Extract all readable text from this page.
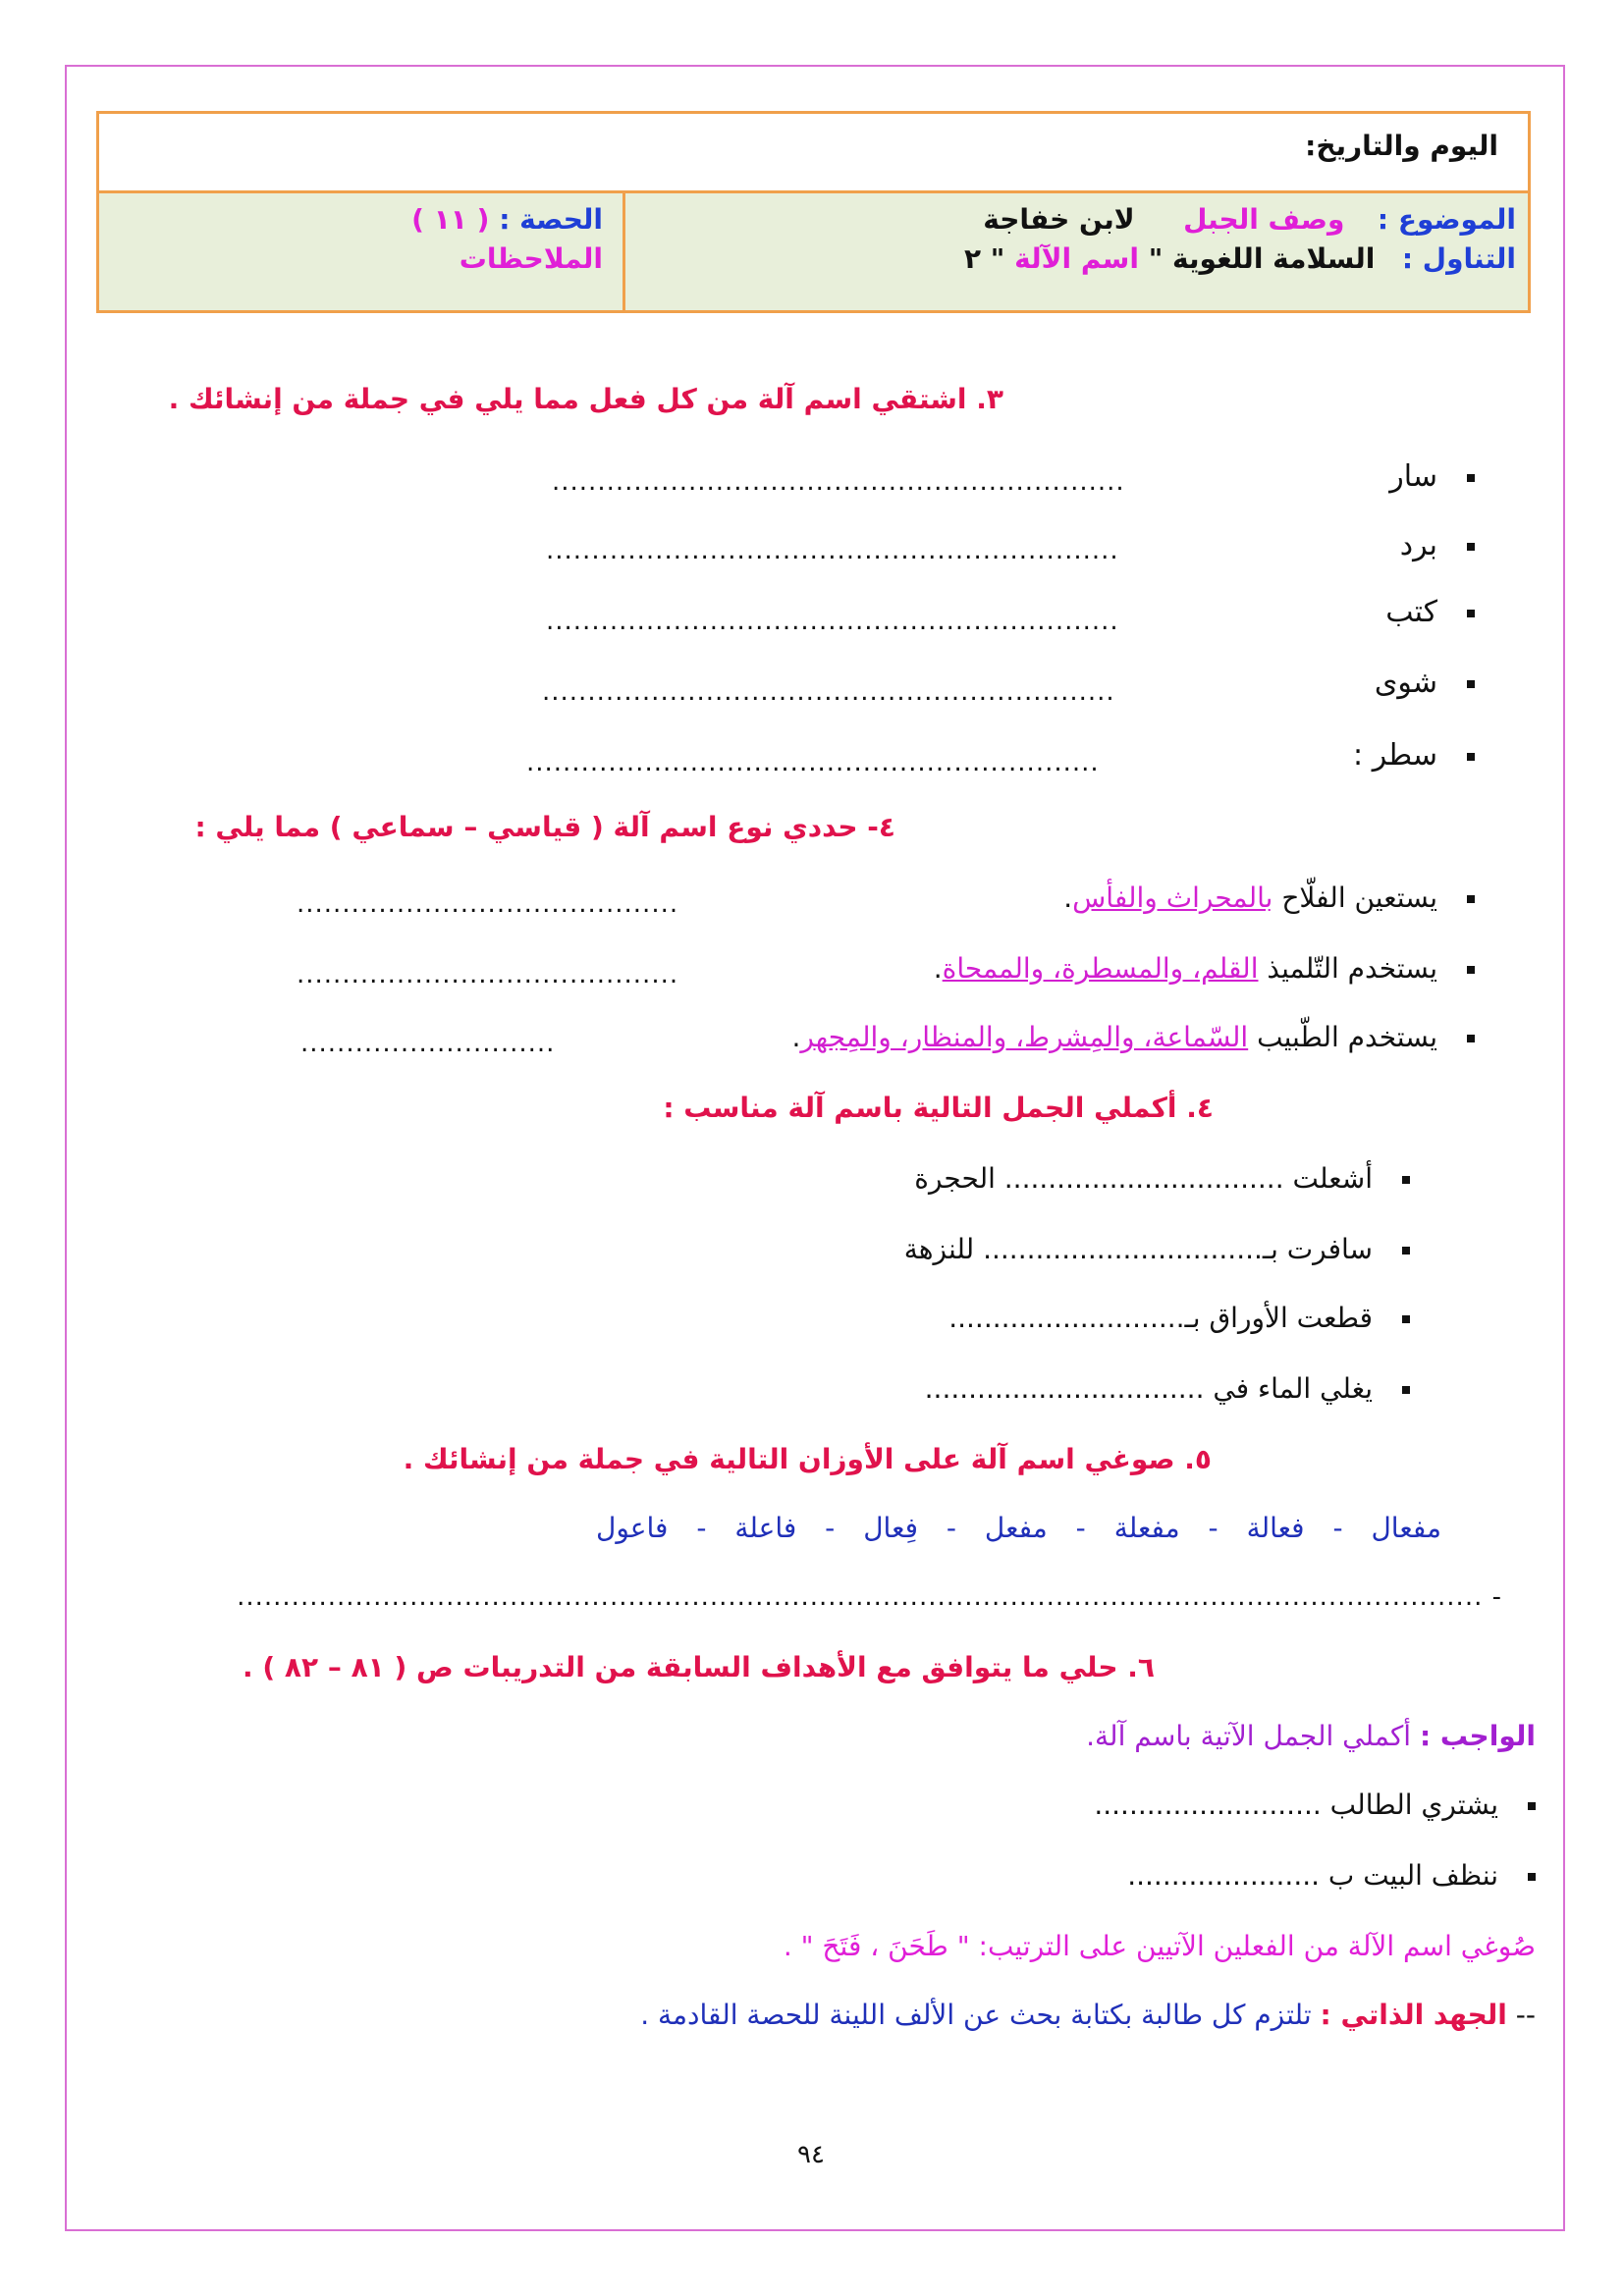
اليوم والتاريخ:
الموضوع :  وصف الجبل  لابن خفاجة
التناول :  السلامة اللغوية " اسم الآلة " ٢
الحصة : ( ١١ )
الملاحظات
٣. اشتقي اسم آلة من كل فعل مما يلي في جملة من إنشائك .
سار
...............................................................
برد
...............................................................
كتب
...............................................................
شوى
...............................................................
سطر :
...............................................................
٤- حددي نوع اسم آلة ( قياسي – سماعي ) مما يلي :
يستعين الفلّاح بالمحراث والفأس.
..........................................
يستخدم التّلميذ القلم، والمسطرة، والممحاة.
..........................................
يستخدم الطّبيب السّماعة، والمِشرط، والمنظار، والمِجهر.
............................
٤. أكملي الجمل التالية باسم آلة مناسب :
أشعلت ................................ الحجرة
سافرت بـ................................ للنزهة
قطعت الأوراق بـ...........................
يغلي الماء في ................................
٥. صوغي اسم آلة على الأوزان التالية في جملة من إنشائك .
مفعال - فعالة - مفعلة - مفعل - فِعال - فاعلة - فاعول
- .........................................................................................................................................
٦. حلي ما يتوافق مع الأهداف السابقة من التدريبات ص ( ٨١ – ٨٢ ) .
الواجب : أكملي الجمل الآتية باسم آلة.
يشتري الطالب ..........................
ننظف البيت ب ......................
صُوغي اسم الآلة من الفعلين الآتيين على الترتيب: " طَحَنَ ، فَتَحَ " .
-- الجهد الذاتي : تلتزم كل طالبة بكتابة بحث عن الألف اللينة للحصة القادمة .
٩٤
